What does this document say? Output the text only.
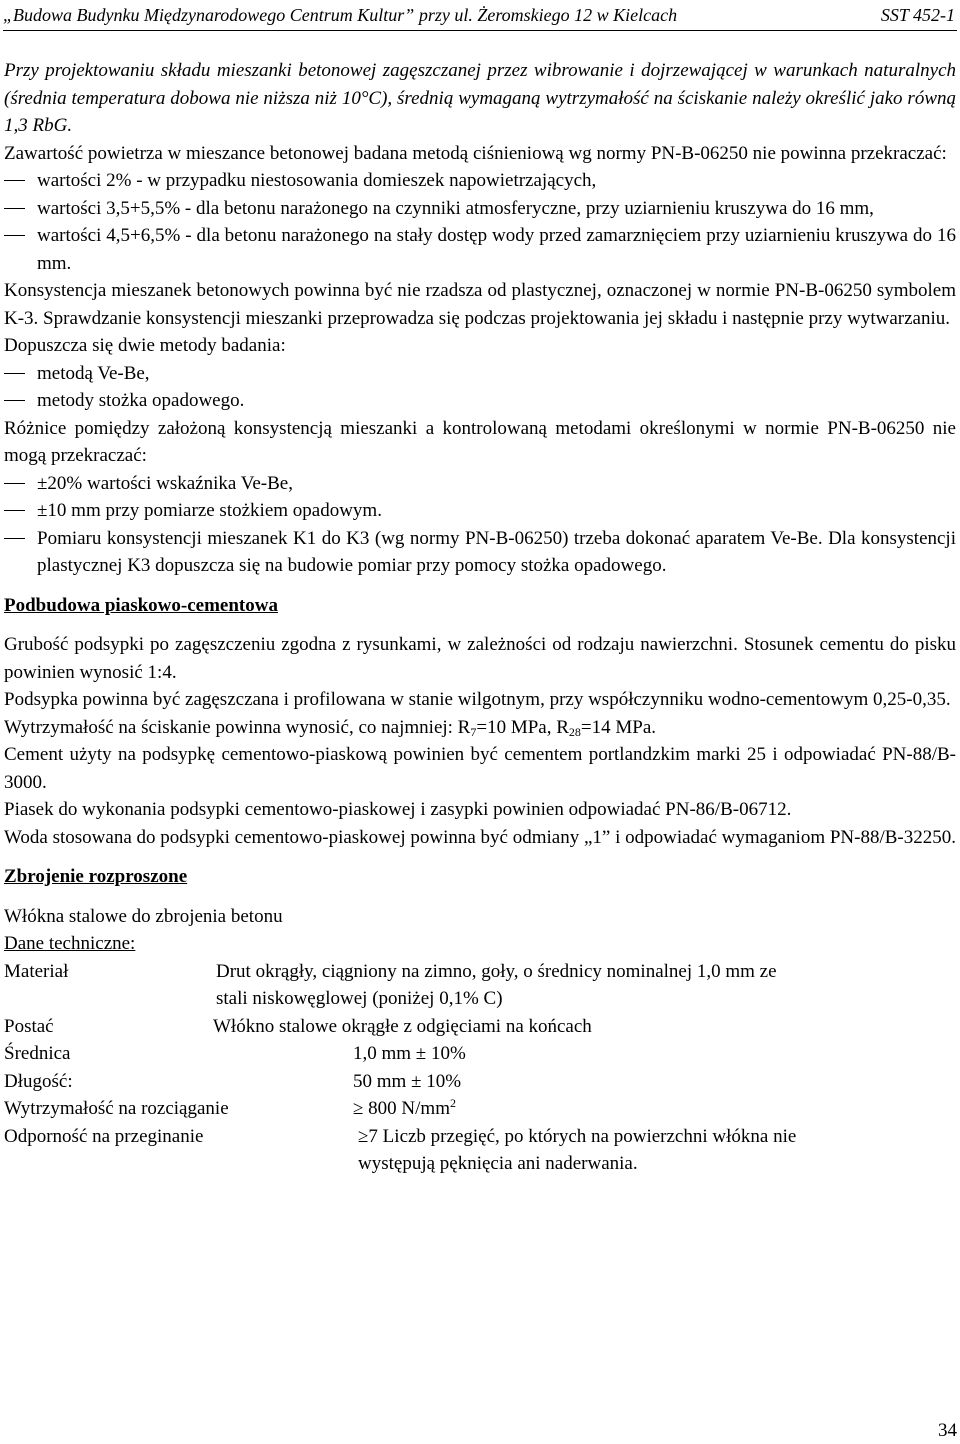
„Budowa Budynku Międzynarodowego Centrum Kultur” przy ul. Żeromskiego 12 w Kielcach	SST 452-1

Przy projektowaniu składu mieszanki betonowej zagęszczanej przez wibrowanie i dojrzewającej w warunkach naturalnych (średnia temperatura dobowa nie niższa niż 10°C), średnią wymaganą wytrzymałość na ściskanie należy określić jako równą 1,3 RbG.

Zawartość powietrza w mieszance betonowej badana metodą ciśnieniową wg normy PN-B-06250 nie powinna przekraczać:

wartości 2% - w przypadku niestosowania domieszek napowietrzających,
wartości 3,5+5,5% - dla betonu narażonego na czynniki atmosferyczne, przy uziarnieniu kruszywa do 16 mm,
wartości 4,5+6,5% - dla betonu narażonego na stały dostęp wody przed zamarznięciem przy uziarnieniu kruszywa do 16 mm.

Konsystencja mieszanek betonowych powinna być nie rzadsza od plastycznej, oznaczonej w normie PN-B-06250 symbolem K-3. Sprawdzanie konsystencji mieszanki przeprowadza się podczas projektowania jej składu i następnie przy wytwarzaniu.

Dopuszcza się dwie metody badania:

metodą Ve-Be,
metody stożka opadowego.

Różnice pomiędzy założoną konsystencją mieszanki a kontrolowaną metodami określonymi w normie PN-B-06250 nie mogą przekraczać:

±20% wartości wskaźnika Ve-Be,
±10 mm przy pomiarze stożkiem opadowym.
Pomiaru konsystencji mieszanek K1 do K3 (wg normy PN-B-06250) trzeba dokonać aparatem Ve-Be. Dla konsystencji plastycznej K3 dopuszcza się na budowie pomiar przy pomocy stożka opadowego.
Podbudowa piaskowo-cementowa

Grubość podsypki po zagęszczeniu zgodna z rysunkami, w zależności od rodzaju nawierzchni. Stosunek cementu do pisku powinien wynosić 1:4.

Podsypka powinna być zagęszczana i profilowana w stanie wilgotnym, przy współczynniku wodno-cementowym 0,25-0,35.

Wytrzymałość na ściskanie powinna wynosić, co najmniej: $R_7=10$ MPa, $R_{28}=14$ MPa.

Cement użyty na podsypkę cementowo-piaskową powinien być cementem portlandzkim marki 25 i odpowiadać PN-88/B-3000.

Piasek do wykonania podsypki cementowo-piaskowej i zasypki powinien odpowiadać PN-86/B-06712.

Woda stosowana do podsypki cementowo-piaskowej powinna być odmiany „1” i odpowiadać wymaganiom PN-88/B-32250.

Zbrojenie rozproszone

Włókna stalowe do zbrojenia betonu

Dane techniczne:

Materiał	Drut okrągły, ciągniony na zimno, goły, o średnicy nominalnej 1,0 mm ze
stali niskowęglowej (poniżej 0,1% C)
Postać	Włókno stalowe okrągłe z odgięciami na końcach
Średnica	1,0 mm ± 10%
Długość:	50 mm ± 10%
Wytrzymałość na rozciąganie	≥ 800 $N/mm^2$
Odporność na przeginanie	≥7 Liczb przegięć, po których na powierzchni włókna nie
występują pęknięcia ani naderwania.
34
